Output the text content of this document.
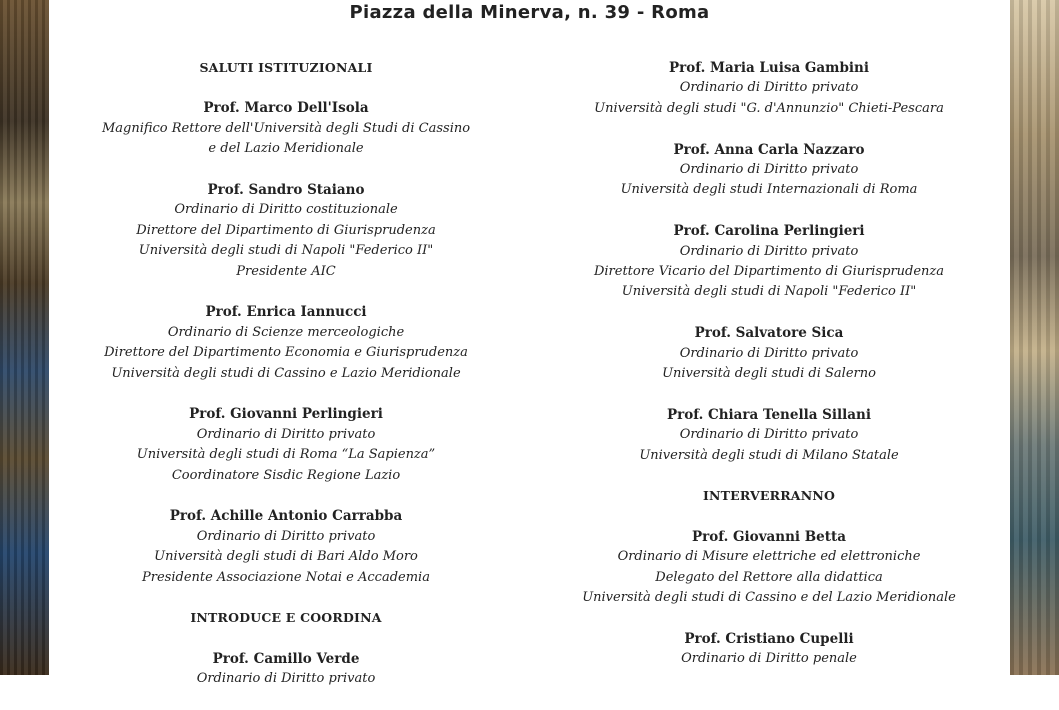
Piazza della Minerva, n. 39 - Roma
SALUTI ISTITUZIONALI
Prof. Marco Dell'Isola
Magnifico Rettore dell'Università degli Studi di Cassino
e del Lazio Meridionale
Prof. Sandro Staiano
Ordinario di Diritto costituzionale
Direttore del Dipartimento di Giurisprudenza
Università degli studi di Napoli "Federico II"
Presidente AIC
Prof. Enrica Iannucci
Ordinario di Scienze merceologiche
Direttore del Dipartimento Economia e Giurisprudenza
Università degli studi di Cassino e Lazio Meridionale
Prof. Giovanni Perlingieri
Ordinario di Diritto privato
Università degli studi di Roma “La Sapienza”
Coordinatore Sisdic Regione Lazio
Prof. Achille Antonio Carrabba
Ordinario di Diritto privato
Università degli studi di Bari Aldo Moro
Presidente Associazione Notai e Accademia
INTRODUCE E COORDINA
Prof. Camillo Verde
Ordinario di Diritto privato
Prof. Maria Luisa Gambini
Ordinario di Diritto privato
Università degli studi "G. d'Annunzio" Chieti-Pescara
Prof. Anna Carla Nazzaro
Ordinario di Diritto privato
Università degli studi Internazionali di Roma
Prof. Carolina Perlingieri
Ordinario di Diritto privato
Direttore Vicario del Dipartimento di Giurisprudenza
Università degli studi di Napoli "Federico II"
Prof. Salvatore Sica
Ordinario di Diritto privato
Università degli studi di Salerno
Prof. Chiara Tenella Sillani
Ordinario di Diritto privato
Università degli studi di Milano Statale
INTERVERRANNO
Prof. Giovanni Betta
Ordinario di Misure elettriche ed elettroniche
Delegato del Rettore alla didattica
Università degli studi di Cassino e del Lazio Meridionale
Prof. Cristiano Cupelli
Ordinario di Diritto penale
